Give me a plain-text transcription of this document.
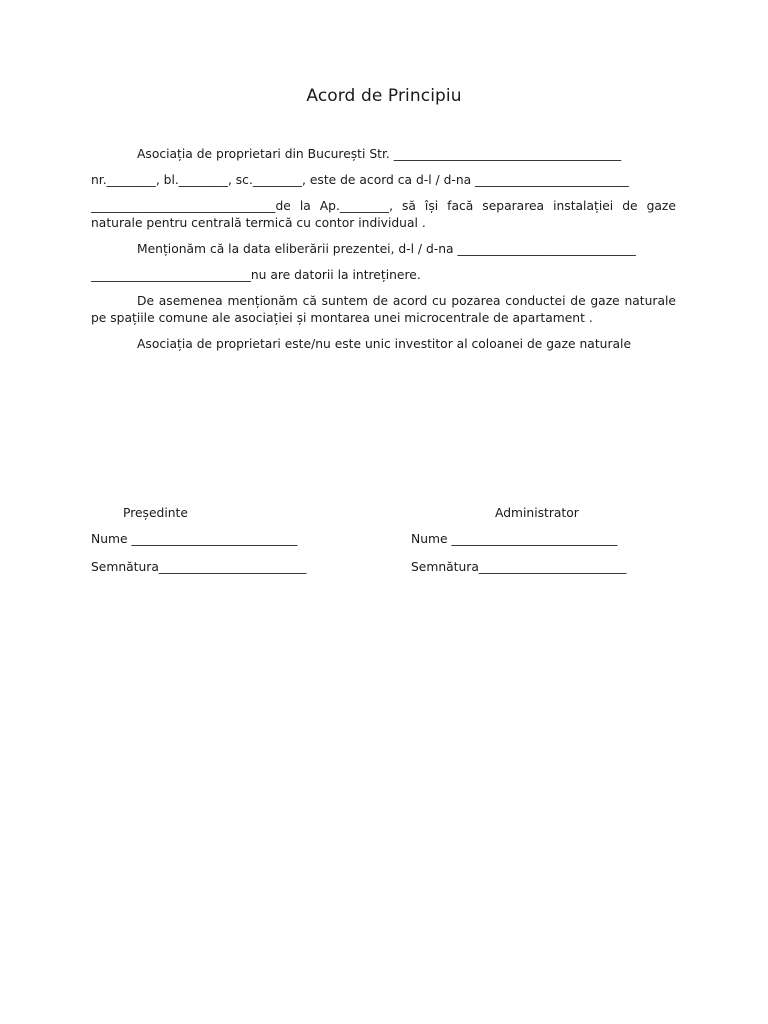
Acord de Principiu

Asociația de proprietari din București Str. _____________________________________

nr.________, bl.________, sc.________, este de acord ca d-l / d-na _________________________

______________________________de la Ap.________, să își facă separarea instalației de gaze

naturale pentru centrală termică cu contor individual .

Menționăm că la data eliberării prezentei, d-l / d-na _____________________________

__________________________nu are datorii la intreținere.

De asemenea menționăm că suntem de acord cu pozarea conductei de gaze naturale pe spațiile comune ale asociației și montarea unei microcentrale de apartament .

Asociația de proprietari este/nu este unic investitor al coloanei de gaze naturale

Președinte
Nume ___________________________
Semnătura________________________
Administrator
Nume ___________________________
Semnătura________________________
